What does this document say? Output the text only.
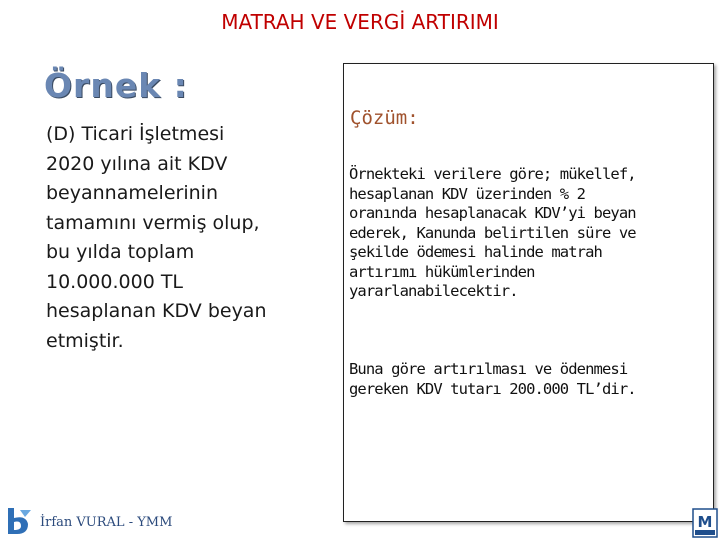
MATRAH VE VERGİ ARTIRIMI
Örnek :
(D) Ticari İşletmesi
2020 yılına ait KDV
beyannamelerinin
tamamını vermiş olup,
bu yılda toplam
10.000.000 TL
hesaplanan KDV beyan
etmiştir.
Çözüm:
Örnekteki verilere göre; mükellef,
hesaplanan KDV üzerinden % 2
oranında hesaplanacak KDV’yi beyan
ederek, Kanunda belirtilen süre ve
şekilde ödemesi halinde matrah
artırımı hükümlerinden
yararlanabilecektir.
Buna göre artırılması ve ödenmesi
gereken KDV tutarı 200.000 TL’dir.
İrfan VURAL - YMM	M
